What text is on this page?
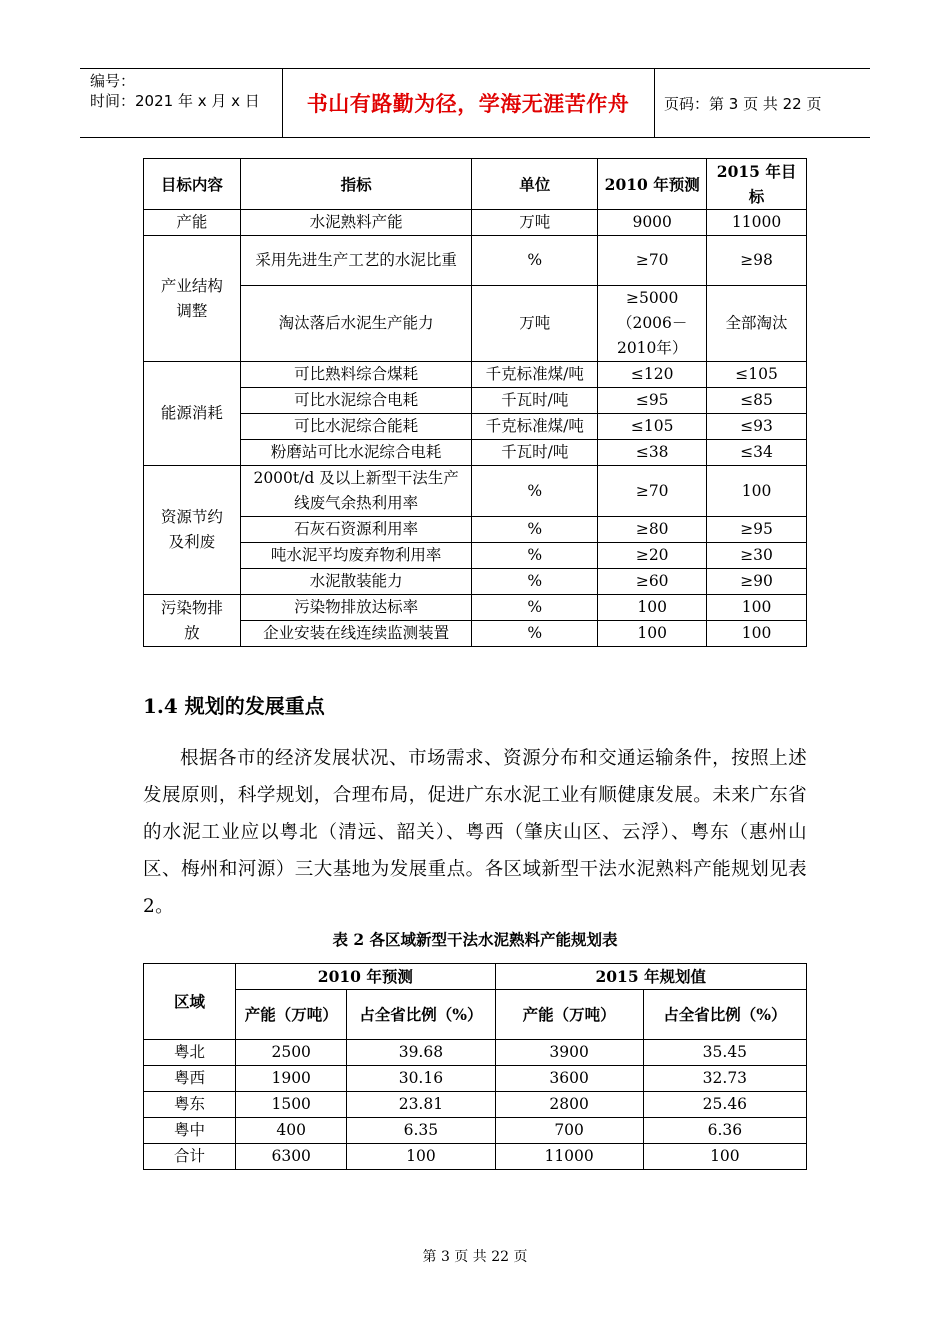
编号：
时间：2021 年 x 月 x 日	书山有路勤为径，学海无涯苦作舟 页码：第 3 页 共 22 页
目标内容	指标	单位	2010 年预测	2015 年目标
产能	水泥熟料产能	万吨	9000	11000
产业结构调整	采用先进生产工艺的水泥比重	%	≥70	≥98
	淘汰落后水泥生产能力	万吨	≥5000（2006－2010年）	全部淘汰
能源消耗	可比熟料综合煤耗	千克标准煤/吨	≤120	≤105
	可比水泥综合电耗	千瓦时/吨	≤95	≤85
	可比水泥综合能耗	千克标准煤/吨	≤105	≤93
	粉磨站可比水泥综合电耗	千瓦时/吨	≤38	≤34
资源节约及利废	2000t/d 及以上新型干法生产线废气余热利用率	%	≥70	100
	石灰石资源利用率	%	≥80	≥95
	吨水泥平均废弃物利用率	%	≥20	≥30
	水泥散装能力	%	≥60	≥90
污染物排放	污染物排放达标率	%	100	100
	企业安装在线连续监测装置	%	100	100
1.4 规划的发展重点
根据各市的经济发展状况、市场需求、资源分布和交通运输条件，按照上述发展原则，科学规划，合理布局，促进广东水泥工业有顺健康发展。未来广东省的水泥工业应以粤北（清远、韶关）、粤西（肇庆山区、云浮）、粤东（惠州山区、梅州和河源）三大基地为发展重点。各区域新型干法水泥熟料产能规划见表 2。
表 2 各区域新型干法水泥熟料产能规划表
区域	2010 年预测		2015 年规划值	
	产能（万吨）	占全省比例（%）	产能（万吨）	占全省比例（%）
粤北	2500	39.68	3900	35.45
粤西	1900	30.16	3600	32.73
粤东	1500	23.81	2800	25.46
粤中	400	6.35	700	6.36
合计	6300	100	11000	100
第 3 页 共 22 页
